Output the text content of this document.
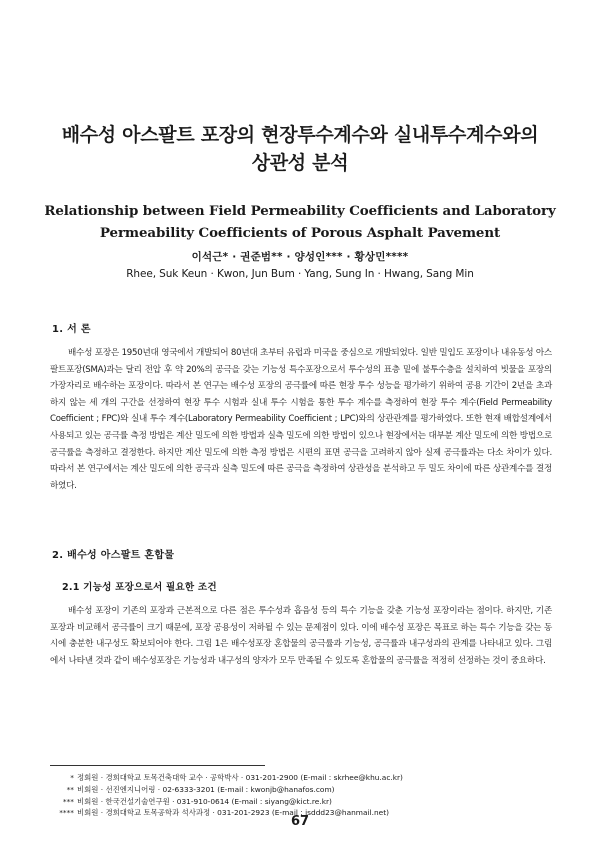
배수성 아스팔트 포장의 현장투수계수와 실내투수계수와의
상관성 분석
Relationship between Field Permeability Coefficients and Laboratory
Permeability Coefficients of Porous Asphalt Pavement
이석근* · 권준범** · 양성인*** · 황상민****
Rhee, Suk Keun · Kwon, Jun Bum · Yang, Sung In · Hwang, Sang Min
1. 서 론

배수성 포장은 1950년대 영국에서 개발되어 80년대 초부터 유럽과 미국을 중심으로 개발되었다. 일반 밀입도 포장이나 내유동성 아스팔트포장(SMA)과는 달리 전압 후 약 20%의 공극을 갖는 기능성 특수포장으로서 투수성의 표층 밑에 불투수층을 설치하여 빗물을 포장의 가장자리로 배수하는 포장이다. 따라서 본 연구는 배수성 포장의 공극률에 따른 현장 투수 성능을 평가하기 위하여 공용 기간이 2년을 초과하지 않는 세 개의 구간을 선정하여 현장 투수 시험과 실내 투수 시험을 통한 투수 계수를 측정하여 현장 투수 계수(Field Permeability Coefficient ; FPC)와 실내 투수 계수(Laboratory Permeability Coefficient ; LPC)와의 상관관계를 평가하였다. 또한 현재 배합설계에서 사용되고 있는 공극률 측정 방법은 계산 밀도에 의한 방법과 실측 밀도에 의한 방법이 있으나 현장에서는 대부분 계산 밀도에 의한 방법으로 공극률을 측정하고 결정한다. 하지만 계산 밀도에 의한 측정 방법은 시편의 표면 공극을 고려하지 않아 실제 공극률과는 다소 차이가 있다. 따라서 본 연구에서는 계산 밀도에 의한 공극과 실측 밀도에 따른 공극을 측정하여 상관성을 분석하고 두 밀도 차이에 따른 상관계수를 결정하였다.

2. 배수성 아스팔트 혼합물
2.1 기능성 포장으로서 필요한 조건

배수성 포장이 기존의 포장과 근본적으로 다른 점은 투수성과 흡음성 등의 특수 기능을 갖춘 기능성 포장이라는 점이다. 하지만, 기존 포장과 비교해서 공극률이 크기 때문에, 포장 공용성이 저하될 수 있는 문제점이 있다. 이에 배수성 포장은 목표로 하는 특수 기능을 갖는 동시에 충분한 내구성도 확보되어야 한다. 그림 1은 배수성포장 혼합물의 공극률과 기능성, 공극률과 내구성과의 관계를 나타내고 있다. 그림에서 나타낸 것과 같이 배수성포장은 기능성과 내구성의 양자가 모두 만족될 수 있도록 혼합물의 공극률을 적정히 선정하는 것이 중요하다.

* 정회원 · 경희대학교 토목건축대학 교수 · 공학박사 · 031-201-2900 (E-mail : skrhee@khu.ac.kr)
** 비회원 · 선진엔지니어링 · 02-6333-3201 (E-mail : kwonjb@hanafos.com)
*** 비회원 · 한국건설기술연구원 · 031-910-0614 (E-mail : siyang@kict.re.kr)
**** 비회원 · 경희대학교 토목공학과 석사과정 · 031-201-2923 (E-mail : jsddd23@hanmail.net)
67
